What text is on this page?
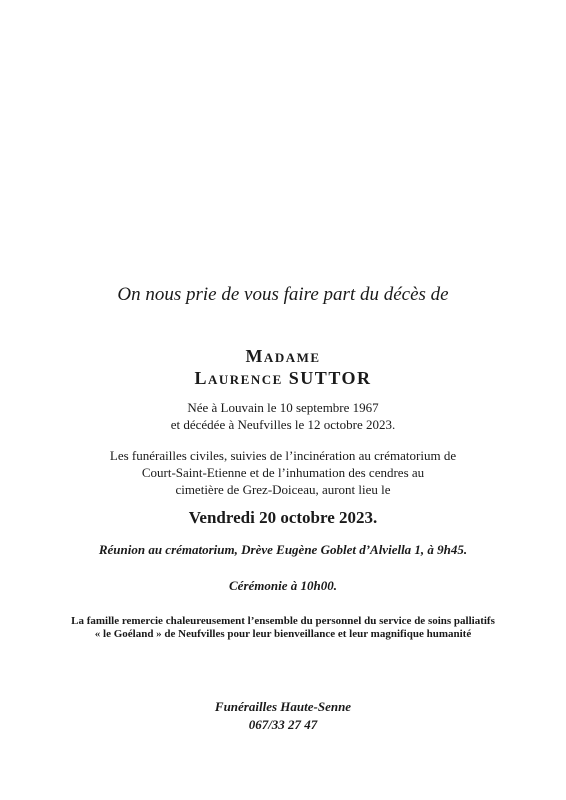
On nous prie de vous faire part du décès de
Madame
Laurence SUTTOR
Née à Louvain le 10 septembre 1967
et décédée à Neufvilles le 12 octobre 2023.
Les funérailles civiles, suivies de l’incinération au crématorium de
Court-Saint-Etienne et de l’inhumation des cendres au
cimetière de Grez-Doiceau, auront lieu le
Vendredi 20 octobre 2023.
Réunion au crématorium, Drève Eugène Goblet d’Alviella 1, à 9h45.
Cérémonie à 10h00.
La famille remercie chaleureusement l’ensemble du personnel du service de soins palliatifs
« le Goéland » de Neufvilles pour leur bienveillance et leur magnifique humanité
Funérailles Haute-Senne
067/33 27 47
